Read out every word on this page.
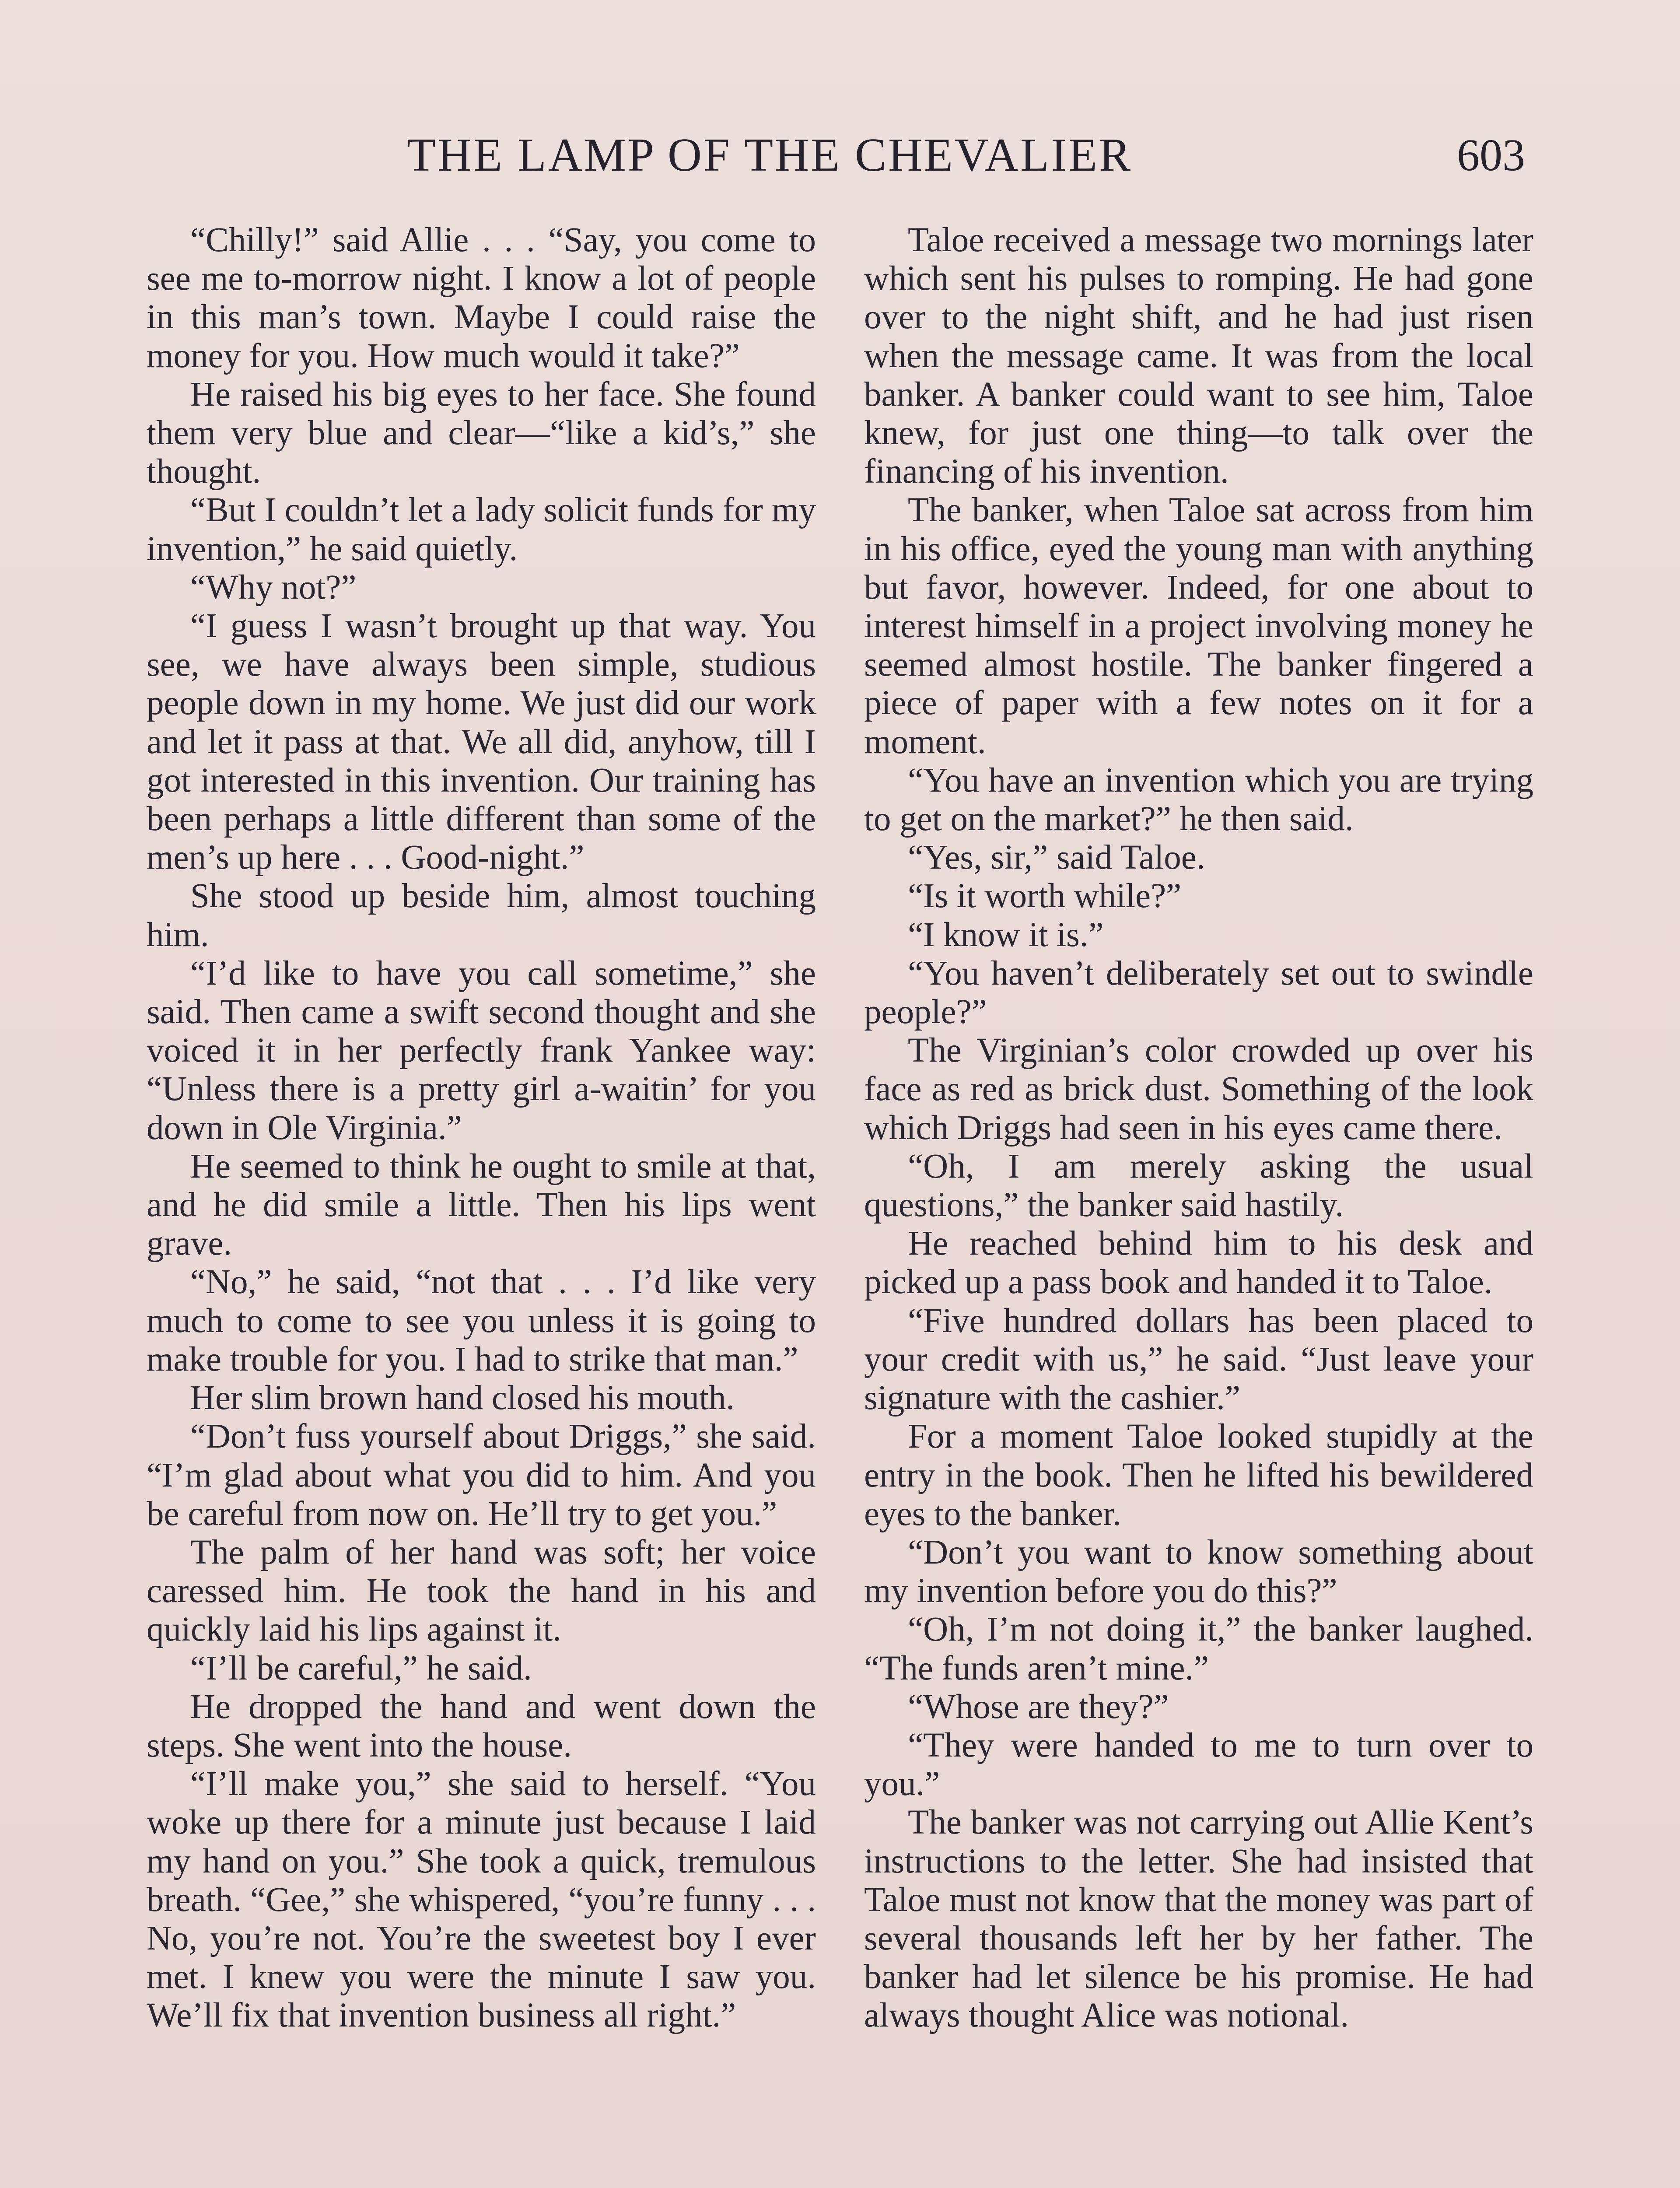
THE LAMP OF THE CHEVALIER	603

“Chilly!” said Allie . . . “Say, you come to see me to-morrow night. I know a lot of people in this man’s town. Maybe I could raise the money for you. How much would it take?”

He raised his big eyes to her face. She found them very blue and clear—“like a kid’s,” she thought.

“But I couldn’t let a lady solicit funds for my invention,” he said quietly.

“Why not?”

“I guess I wasn’t brought up that way. You see, we have always been simple, studious people down in my home. We just did our work and let it pass at that. We all did, anyhow, till I got interested in this invention. Our training has been perhaps a little different than some of the men’s up here . . . Good-night.”

She stood up beside him, almost touching him.

“I’d like to have you call sometime,” she said. Then came a swift second thought and she voiced it in her perfectly frank Yankee way: “Unless there is a pretty girl a-waitin’ for you down in Ole Virginia.”

He seemed to think he ought to smile at that, and he did smile a little. Then his lips went grave.

“No,” he said, “not that . . . I’d like very much to come to see you unless it is going to make trouble for you. I had to strike that man.”

Her slim brown hand closed his mouth.

“Don’t fuss yourself about Driggs,” she said. “I’m glad about what you did to him. And you be careful from now on. He’ll try to get you.”

The palm of her hand was soft; her voice caressed him. He took the hand in his and quickly laid his lips against it.

“I’ll be careful,” he said.

He dropped the hand and went down the steps. She went into the house.

“I’ll make you,” she said to herself. “You woke up there for a minute just because I laid my hand on you.” She took a quick, tremulous breath. “Gee,” she whispered, “you’re funny . . . No, you’re not. You’re the sweetest boy I ever met. I knew you were the minute I saw you. We’ll fix that invention business all right.”

Taloe received a message two mornings later which sent his pulses to romping. He had gone over to the night shift, and he had just risen when the message came. It was from the local banker. A banker could want to see him, Taloe knew, for just one thing—to talk over the financing of his invention.

The banker, when Taloe sat across from him in his office, eyed the young man with anything but favor, however. Indeed, for one about to interest himself in a project involving money he seemed almost hostile. The banker fingered a piece of paper with a few notes on it for a moment.

“You have an invention which you are trying to get on the market?” he then said.

“Yes, sir,” said Taloe.

“Is it worth while?”

“I know it is.”

“You haven’t deliberately set out to swindle people?”

The Virginian’s color crowded up over his face as red as brick dust. Something of the look which Driggs had seen in his eyes came there.

“Oh, I am merely asking the usual questions,” the banker said hastily.

He reached behind him to his desk and picked up a pass book and handed it to Taloe.

“Five hundred dollars has been placed to your credit with us,” he said. “Just leave your signature with the cashier.”

For a moment Taloe looked stupidly at the entry in the book. Then he lifted his bewildered eyes to the banker.

“Don’t you want to know something about my invention before you do this?”

“Oh, I’m not doing it,” the banker laughed. “The funds aren’t mine.”

“Whose are they?”

“They were handed to me to turn over to you.”

The banker was not carrying out Allie Kent’s instructions to the letter. She had insisted that Taloe must not know that the money was part of several thousands left her by her father. The banker had let silence be his promise. He had always thought Alice was notional.
